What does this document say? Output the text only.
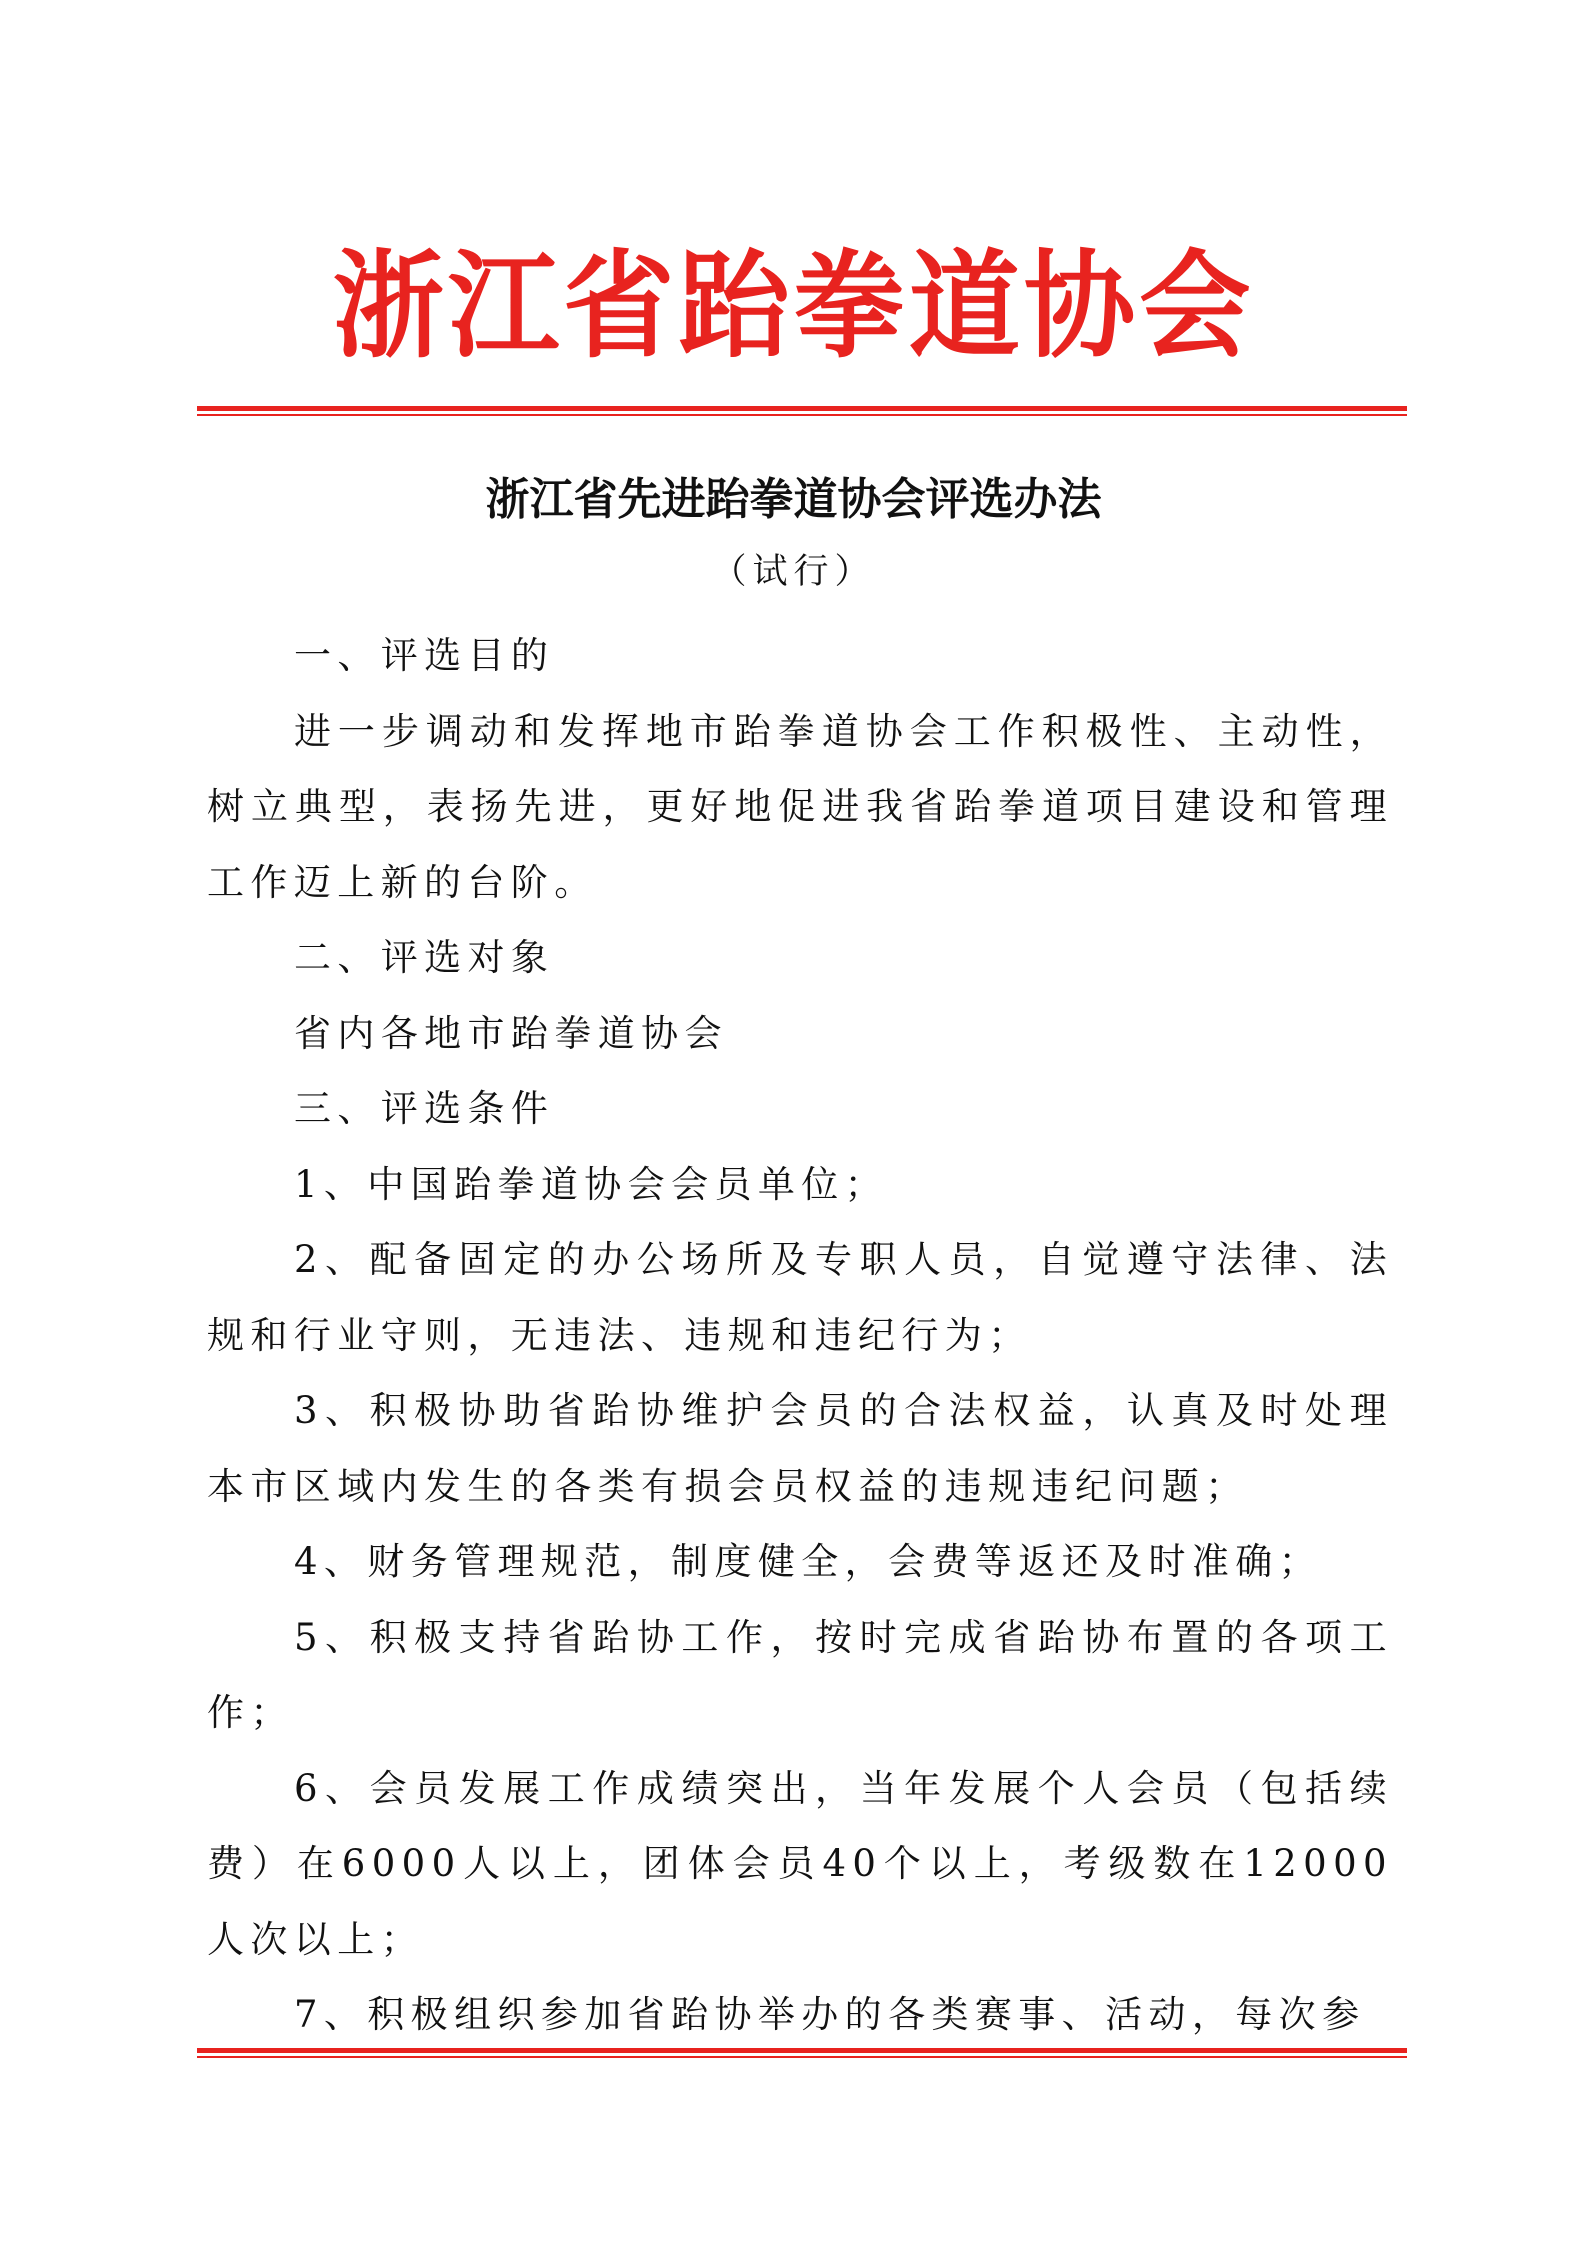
浙江省跆拳道协会
浙江省先进跆拳道协会评选办法
（试行）

一、评选目的

进一步调动和发挥地市跆拳道协会工作积极性、主动性，树立典型，表扬先进，更好地促进我省跆拳道项目建设和管理工作迈上新的台阶。

二、评选对象

省内各地市跆拳道协会

三、评选条件

1、中国跆拳道协会会员单位；

2、配备固定的办公场所及专职人员，自觉遵守法律、法规和行业守则，无违法、违规和违纪行为；

3、积极协助省跆协维护会员的合法权益，认真及时处理本市区域内发生的各类有损会员权益的违规违纪问题；

4、财务管理规范，制度健全，会费等返还及时准确；

5、积极支持省跆协工作，按时完成省跆协布置的各项工作；

6、会员发展工作成绩突出，当年发展个人会员（包括续费）在6000人以上，团体会员40个以上，考级数在12000人次以上；

7、积极组织参加省跆协举办的各类赛事、活动，每次参
